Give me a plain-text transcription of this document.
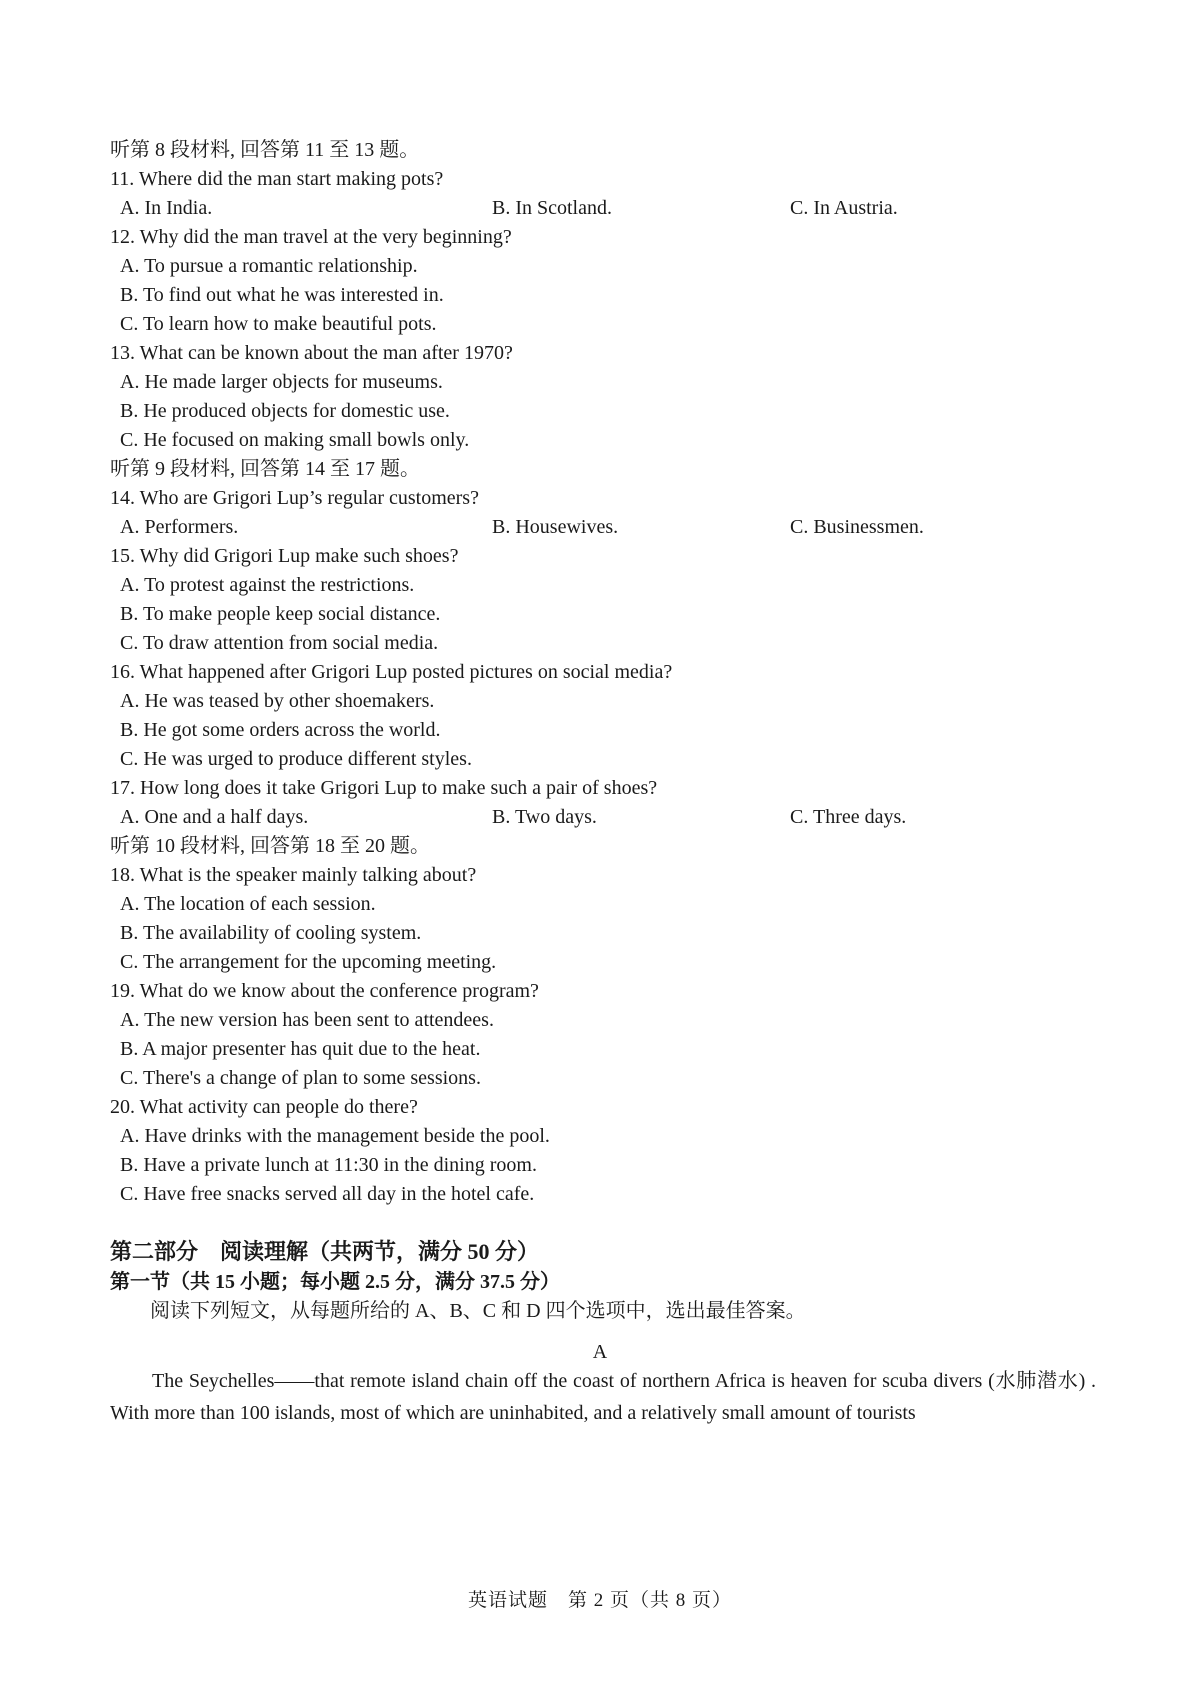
听第 8 段材料, 回答第 11 至 13 题。
11. Where did the man start making pots?
A. In India.	B. In Scotland.	C. In Austria.
12. Why did the man travel at the very beginning?
A. To pursue a romantic relationship.
B. To find out what he was interested in.
C. To learn how to make beautiful pots.
13. What can be known about the man after 1970?
A. He made larger objects for museums.
B. He produced objects for domestic use.
C. He focused on making small bowls only.
听第 9 段材料, 回答第 14 至 17 题。
14. Who are Grigori Lup’s regular customers?
A. Performers.	B. Housewives.	C. Businessmen.
15. Why did Grigori Lup make such shoes?
A. To protest against the restrictions.
B. To make people keep social distance.
C. To draw attention from social media.
16. What happened after Grigori Lup posted pictures on social media?
A. He was teased by other shoemakers.
B. He got some orders across the world.
C. He was urged to produce different styles.
17. How long does it take Grigori Lup to make such a pair of shoes?
A. One and a half days.	B. Two days.	C. Three days.
听第 10 段材料, 回答第 18 至 20 题。
18. What is the speaker mainly talking about?
A. The location of each session.
B. The availability of cooling system.
C. The arrangement for the upcoming meeting.
19. What do we know about the conference program?
A. The new version has been sent to attendees.
B. A major presenter has quit due to the heat.
C. There's a change of plan to some sessions.
20. What activity can people do there?
A. Have drinks with the management beside the pool.
B. Have a private lunch at 11:30 in the dining room.
C. Have free snacks served all day in the hotel cafe.
第二部分　阅读理解（共两节，满分 50 分）
第一节（共 15 小题；每小题 2.5 分，满分 37.5 分）
阅读下列短文，从每题所给的 A、B、C 和 D 四个选项中，选出最佳答案。
A
The Seychelles——that remote island chain off the coast of northern Africa is heaven for scuba divers (水肺潜水) . With more than 100 islands, most of which are uninhabited, and a relatively small amount of tourists
英语试题　第 2 页（共 8 页）
